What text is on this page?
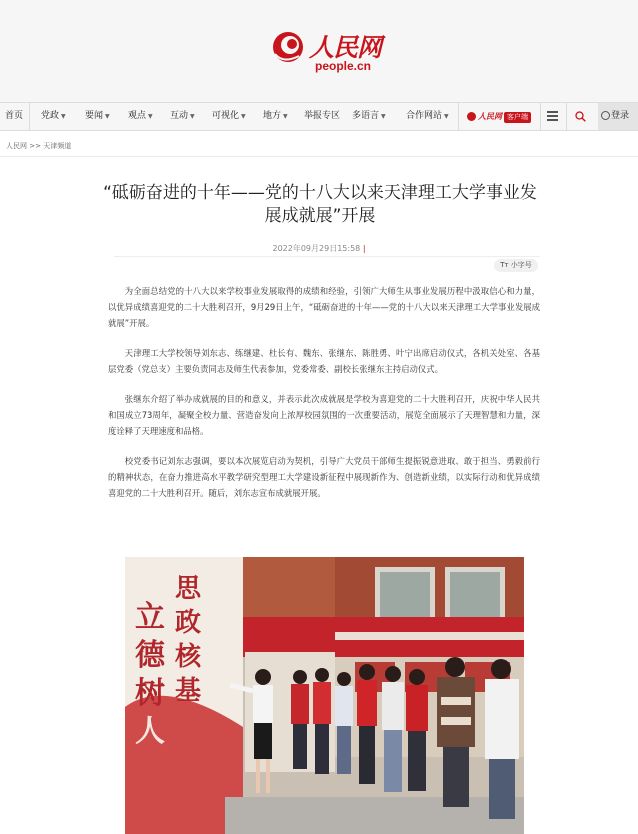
人民网
people.cn
首页 党政 ▼ 要闻 ▼ 观点 ▼ 互动 ▼ 可视化 ▼ 地方 ▼ 举报专区 多语言 ▼ 合作网站 ▼	人民网 客户端	登录
人民网 >> 天津频道
“砥砺奋进的十年——党的十八大以来天津理工大学事业发展成就展”开展
2022年09月29日15:58 |
Tт 小字号

为全面总结党的十八大以来学校事业发展取得的成绩和经验，引领广大师生从事业发展历程中汲取信心和力量，以优异成绩喜迎党的二十大胜利召开，9月29日上午，“砥砺奋进的十年——党的十八大以来天津理工大学事业发展成就展”开展。

天津理工大学校领导刘东志、练继建、杜长有、魏东、张继东、陈胜勇、叶宁出席启动仪式，各机关处室、各基层党委（党总支）主要负责同志及师生代表参加，党委常委、副校长张继东主持启动仪式。

张继东介绍了举办成就展的目的和意义，并表示此次成就展是学校为喜迎党的二十大胜利召开，庆祝中华人民共和国成立73周年，凝聚全校力量、营造奋发向上浓厚校园氛围的一次重要活动，展览全面展示了天理智慧和力量，深度诠释了天理速度和品格。

校党委书记刘东志强调，要以本次展览启动为契机，引导广大党员干部师生提振锐意进取、敢于担当、勇毅前行的精神状态，在奋力推进高水平教学研究型理工大学建设新征程中展现新作为、创造新业绩，以实际行动和优异成绩喜迎党的二十大胜利召开。随后，刘东志宣布成就展开展。

立
德
树
人
思
政
核
基
